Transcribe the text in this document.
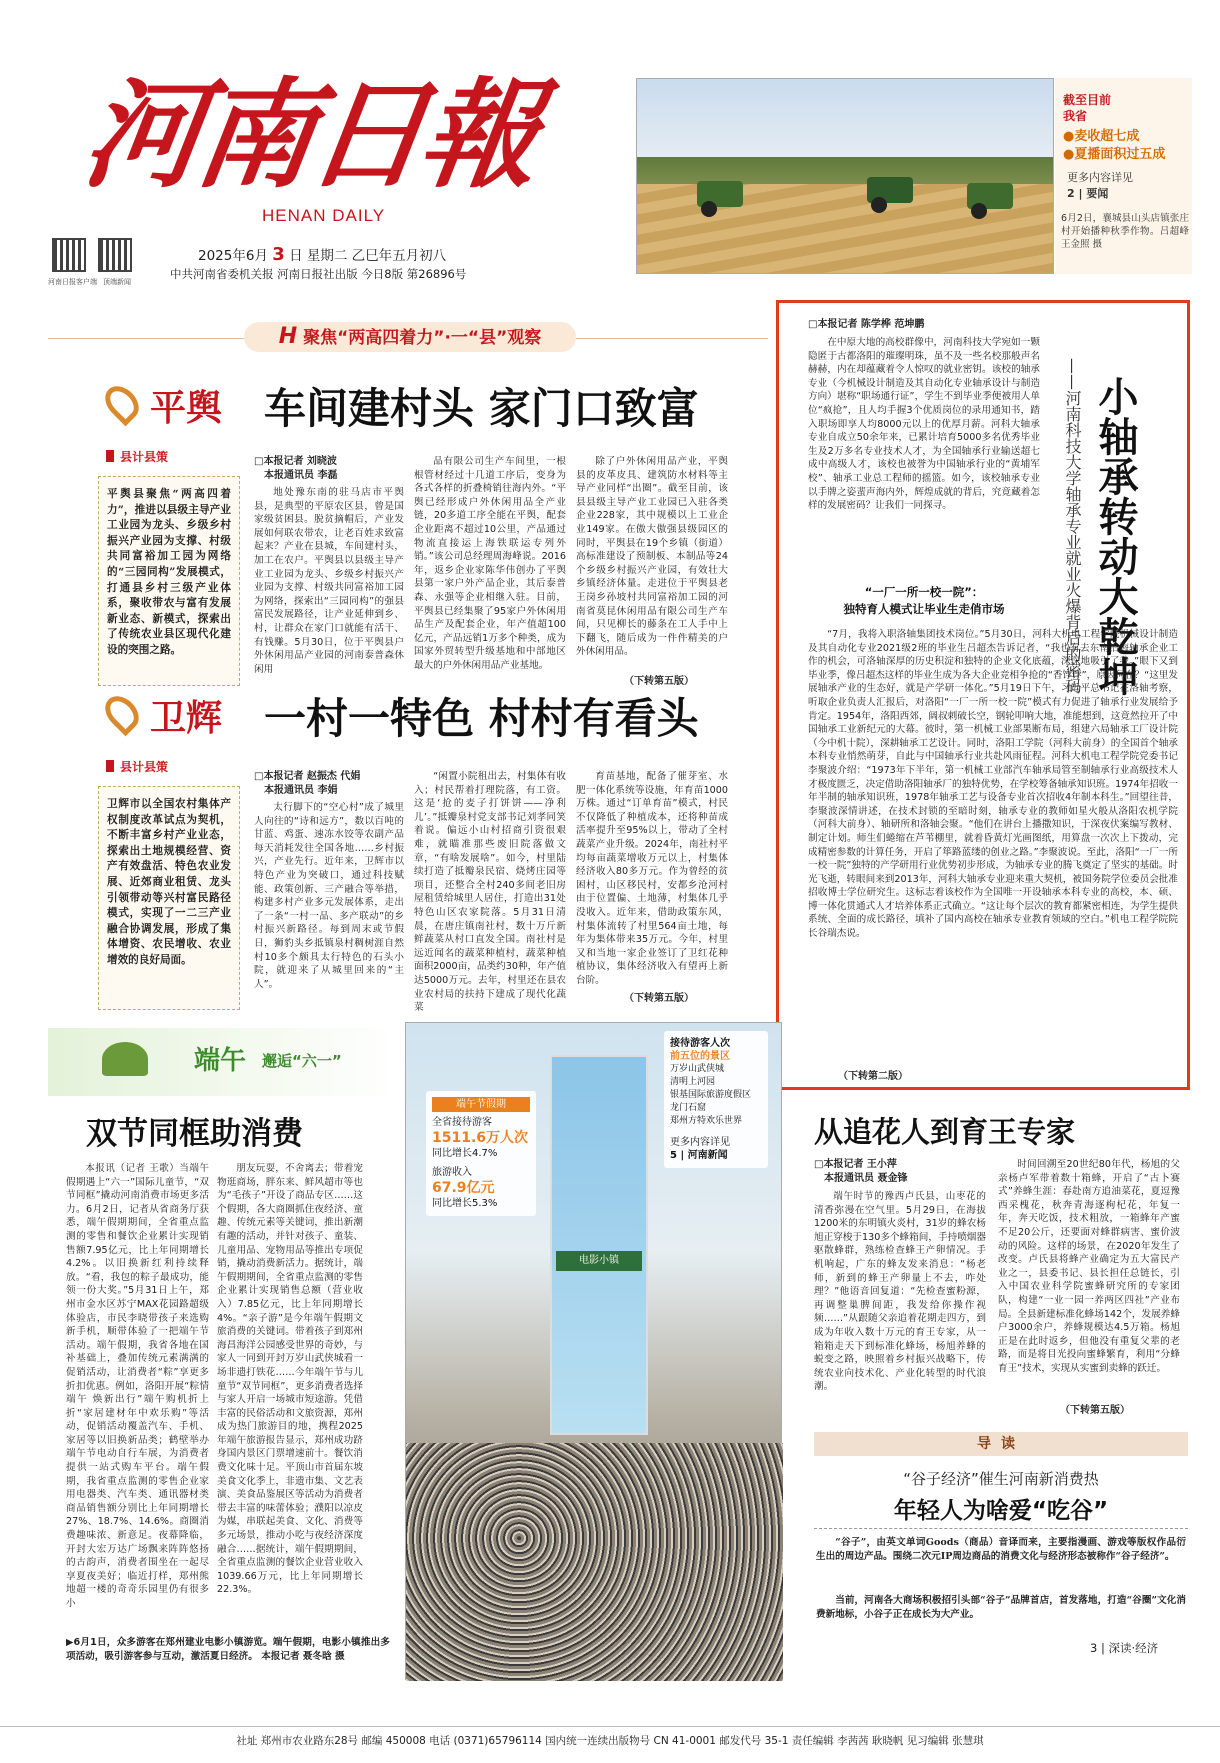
河南日報
HENAN DAILY
河南日报客户端 顶端新闻
2025年6月 3 日 星期二 乙巳年五月初八
中共河南省委机关报 河南日报社出版 今日8版 第26896号
截至目前
我省
●麦收超七成
●夏播面积过五成
更多内容详见
2 | 要闻
6月2日，襄城县山头店镇张庄村开始播种秋季作物。吕超峰 王金照 摄
H 聚焦“两高四着力”·一“县”观察
平舆 车间建村头 家门口致富
县计县策
平舆县聚焦“两高四着力”，推进以县级主导产业工业园为龙头、乡级乡村振兴产业园为支撑、村级共同富裕加工园为网络的“三园同构”发展模式，打通县乡村三级产业体系，聚收带农与富有发展新业态、新模式，探索出了传统农业县区现代化建设的突围之路。
□本报记者 刘晓波
本报通讯员 李磊

地处豫东南的驻马店市平舆县，是典型的平原农区县，曾是国家级贫困县。脱贫摘帽后，产业发展如何联农带农，让老百姓求致富起来？产业在县城，车间建村头，加工在农户。平舆县以县级主导产业工业园为龙头、乡级乡村振兴产业园为支撑、村级共同富裕加工园为网络，探索出“三园同构”的强县富民发展路径，让产业延伸到乡、村，让群众在家门口就能有活干、有钱赚。5月30日，位于平舆县户外休闲用品产业园的河南泰普森休闲用

品有限公司生产车间里，一根根管材经过十几道工序后，变身为各式各样的折叠椅销往海内外。“平舆已经形成户外休闲用品全产业链，20多道工序全能在平舆，配套企业距离不超过10公里，产品通过物流直接运上海铁联运专列外销。”该公司总经理周海峰说。2016年，返乡企业家陈华伟创办了平舆县第一家户外产品企业，其后泰普森、永强等企业相继入驻。目前，平舆县已经集聚了95家户外休闲用品生产及配套企业，年产值超100亿元，产品远销1万多个种类，成为国家外贸转型升级基地和中部地区最大的户外休闲用品产业基地。

除了户外休闲用品产业，平舆县的皮革皮具、建筑防水材料等主导产业同样“出圈”。截至目前，该县县级主导产业工业园已入驻各类企业228家，其中规模以上工业企业149家。在傲大傲强县级园区的同时，平舆县在19个乡镇（街道）高标准建设了预制板、本制品等24个乡级乡村振兴产业园，有效壮大乡镇经济体量。走进位于平舆县老王岗乡孙坡村共同富裕加工园的河南省莫昆休闲用品有限公司生产车间，只见柳长的藤条在工人手中上下翻飞，随后成为一件件精美的户外休闲用品。

（下转第五版）
卫辉 一村一特色 村村有看头
县计县策
卫辉市以全国农村集体产权制度改革试点为契机，不断丰富乡村产业业态，探索出土地规模经营、资产有效盘活、特色农业发展、近郊商业租赁、龙头引领带动等兴村富民路径模式，实现了一二三产业融合协调发展，形成了集体增资、农民增收、农业增效的良好局面。
□本报记者 赵振杰 代娟
本报通讯员 李娟

太行脚下的“空心村”成了城里人向往的“诗和远方”，数以百吨的甘蓝、鸡蛋、速冻水饺等农副产品每天消耗发往全国各地……乡村振兴，产业先行。近年来，卫辉市以特色产业为突破口，通过科技赋能、政策创新、三产融合等举措，构建多村产业多元发展体系，走出了一条“一村一品、多产联动”的乡村振兴新路径。每到周末或节假日，狮豹头乡抵镇泉村稠树涯自然村10多个颇具太行特色的石头小院，就迎来了从城里回来的“主人”。

“闲置小院租出去，村集体有收入；村民帮着打理院落，有工资。这是‘抢的麦子打饼饼——净利儿’。”抵瓣泉村党支部书记刘孝同笑着说。偏远小山村招商引资很艰难，就瞄准那些废旧院落做文章，“有啥发展啥”。如今，村里陆续打造了抵瓣泉民宿、烧烤庄园等项目，还整合全村240多间老旧房屋租赁给城里人居住，打造出31处特色山区农家院落。5月31日清晨，在唐庄镇南社村，数十万斤新鲜蔬菜从村口直发全国。南社村是远近闻名的蔬菜种植村，蔬菜种植面积2000亩，品类约30种，年产值达5000万元。去年，村里还在县农业农村局的扶持下建成了现代化蔬菜

育苗基地，配备了催芽室、水肥一体化系统等设施，年育苗1000万株。通过“订单育苗”模式，村民不仅降低了种植成本，还将种苗成活率提升至95%以上，带动了全村蔬菜产业升级。2024年，南社村平均每亩蔬菜增收万元以上，村集体经济收入80多万元。作为曾经的贫困村，山区移民村，安都乡沧河村由于位置偏、土地薄，村集体几乎没收入。近年来，借助政策东风，村集体流转了村里564亩土地，每年为集体带来35万元。今年，村里又和当地一家企业签订了卫红花种植协议，集体经济收入有望再上新台阶。

（下转第五版）
□本报记者 陈学桦 范坤鹏

在中原大地的高校群像中，河南科技大学宛如一颗隐匿于古都洛阳的璀璨明珠，虽不及一些名校那般声名赫赫，内在却蕴藏着令人惊叹的就业密钥。该校的轴承专业（今机械设计制造及其自动化专业轴承设计与制造方向）堪称“职场通行证”，学生不到毕业季便被用人单位“疯抢”，且人均手握3个优质岗位的录用通知书，踏入职场即享人均8000元以上的优厚月薪。河科大轴承专业自成立50余年来，已累计培育5000多名优秀毕业生及2万多名专业技术人才，为全国轴承行业输送超七成中高级人才，该校也被誉为中国轴承行业的“黄埔军校”、轴承工业总工程师的摇篮。如今，该校轴承专业以手牌之姿蜚声海内外，辉煌成就的背后，究竟藏着怎样的发展密码？让我们一同探寻。	小轴承转动大乾坤
——河南科技大学轴承专业就业火爆背后的密码
“一厂一所一校一院”：
独特育人模式让毕业生走俏市场

“7月，我将入职洛轴集团技术岗位。”5月30日，河科大机电工程学院机械设计制造及其自动化专业2021级2班的毕业生吕超杰告诉记者，“我也有去东南沿海轴承企业工作的机会，可洛轴深厚的历史积淀和独特的企业文化底蕴，深深地吸引了我。”眼下又到毕业季，像吕超杰这样的毕业生成为各大企业竞相争抢的“香饽饽”，原因何在？“这里发展轴承产业的生态好，就是产学研一体化。”5月19日下午，习近平总书记在洛轴考察，听取企业负责人汇报后，对洛阳“一厂一所一校一院”模式有力促进了轴承行业发展给予肯定。1954年，洛阳西郊，阔叔刺破长空，钢轮叩响大地，准能想到，这竟然拉开了中国轴承工业新纪元的大幕。彼时，第一机械工业部果断布局，组建六局轴承工厂设计院（今中机十院），深耕轴承工艺设计。同时，洛阳工学院（河科大前身）的全国首个轴承本科专业悄然萌芽，自此与中国轴承行业共赴风雨征程。河科大机电工程学院党委书记李聚波介绍：“1973年下半年，第一机械工业部汽车轴承局管至制轴承行业高级技术人才极度匮乏，决定借助洛阳轴承厂的独特优势，在学校筹备轴承知识班。1974年招收一年半制的轴承知识班，1978年轴承工艺与设备专业首次招收4年制本科生。”回望往昔，李聚波深情讲述，在技术封锁的至暗时刻，轴承专业的教师如星火般从洛阳农机学院（河科大前身）、轴研所和洛轴会聚。“他们在讲台上播撒知识，于深夜伏案编写教材、制定计划。师生们蜷缩在芦苇棚里，就着昏黄灯光画图纸，用算盘一次次上下拨动，完成精密参数的计算任务，开启了筚路蓝缕的创业之路。”李聚波说。至此，洛阳“一厂一所一校一院”独特的产学研用行业优势初步形成，为轴承专业的腾飞奠定了坚实的基础。时光飞逝，转眼间来到2013年，河科大轴承专业迎来重大契机，被国务院学位委员会批准招收博士学位研究生。这标志着该校作为全国唯一开设轴承本科专业的高校，本、硕、博一体化贯通式人才培养体系正式确立。“这让每个层次的教育都紧密相连，为学生提供系统、全面的成长路径，填补了国内高校在轴承专业教育领域的空白。”机电工程学院院长谷瑞杰说。

（下转第二版）
端午 邂逅“六一”
双节同框助消费

本报讯（记者 王歌）当端午假期遇上“六一”国际儿童节，“双节同框”撬动河南消费市场更多活力。6月2日，记者从省商务厅获悉，端午假期期间，全省重点监测的零售和餐饮企业累计实现销售额7.95亿元，比上年同期增长4.2%。以旧换新红利持续释放。“看，我包的粽子最成功，能领一份大奖。”5月31日上午，郑州市金水区苏宁MAX花园路超级体验店，市民李晓带孩子来选购新手机，顺带体验了一把端午节活动。端午假期，我省各地在国补基础上，叠加传统元素满满的促销活动，让消费者“粽”享更多折扣优惠。例如，洛阳开展“粽情端午 焕新出行”端午购机折上折“家居建材年中欢乐购”等活动，促销活动覆盖汽车、手机、家居等以旧换新品类；鹤壁举办端午节电动自行车展，为消费者提供一站式购车平台。端午假期，我省重点监测的零售企业家用电器类、汽车类、通讯器材类商品销售额分别比上年同期增长27%、18.7%、14.6%。商圈消费趣味浓、新意足。夜幕降临，开封大宏万达广场飘来阵阵悠扬的古韵声，消费者围坐在一起尽享夏夜美好；临近打样，郑州熊地超一楼的奇奇乐园里仍有很多小

朋友玩耍，不舍离去；带着宠物逛商场，胖东来、鲜风超市等也为“毛孩子”开设了商品专区……这个假期，各大商圈抓住夜经济、童趣、传统元素等关键词，推出新潮有趣的活动，并针对孩子、童装、儿童用品、宠物用品等推出专项促销，撬动消费新活力。据统计，端午假期期间，全省重点监测的零售企业累计实现销售总额（营业收入）7.85亿元，比上年同期增长4%。“亲子游”是今年端午假期文旅消费的关键词。带着孩子到郑州海昌海洋公园感受世界的奇妙，与家人一同到开封万岁山武侠城看一场非遗打铁花……今年端午节与儿童节“双节同框”，更多消费者选择与家人开启一场城市短途游。凭借丰富的民俗活动和文旅资源，郑州成为热门旅游目的地，携程2025年端午旅游报告显示，郑州成功跻身国内景区门票增速前十。餐饮消费文化味十足。平顶山市首届东坡美食文化季上，非遗市集、文艺表演、美食品鉴展区等活动为消费者带去丰富的味蕾体验；濮阳以凉皮为媒，串联起美食、文化、消费等多元场景，推动小吃与夜经济深度融合……据统计，端午假期期间，全省重点监测的餐饮企业营业收入1039.66万元，比上年同期增长22.3%。

▶6月1日，众多游客在郑州建业电影小镇游览。端午假期，电影小镇推出多项活动，吸引游客参与互动，激活夏日经济。 本报记者 聂冬晗 摄
电影小镇
端午节假期
全省接待游客
1511.6万人次
同比增长4.7%
旅游收入
67.9亿元
同比增长5.3%
接待游客人次
前五位的景区
万岁山武侠城
清明上河园
银基国际旅游度假区
龙门石窟
郑州方特欢乐世界
更多内容详见
5 | 河南新闻
从追花人到育王专家
□本报记者 王小萍
本报通讯员 聂金锋

端午时节的豫西卢氏县，山枣花的清香弥漫在空气里。5月29日，在海拔1200米的东明镇火炎村，31岁的蜂农杨旭正穿梭于130多个蜂箱间，手持喷烟器驱散蜂群，熟练检查蜂王产卵情况。手机响起，广东的蜂友发来消息：“杨老师，新到的蜂王产卵量上不去，咋处理？”他语音回复道：“先检查蜜粉源，再调整巢脾间距，我发给你操作视频……”从跟随父亲追着花期走四方，到成为年收入数十万元的育王专家，从一箱箱走天下到标准化蜂场，杨旭养蜂的蜕变之路，映照着乡村振兴战略下，传统农业向技术化、产业化转型的时代浪潮。

时间回溯至20世纪80年代，杨旭的父亲杨卢军带着数十箱蜂，开启了“古卜赛式”养蜂生涯：春赴南方追油菜花，夏逗豫西采槐花，秋奔青海逐枸杞花，年复一年，奔天吃饭，技术粗放，一箱蜂年产蜜不足20公斤，还要面对蜂群病害、蜜价波动的风险。这样的场景，在2020年发生了改变。卢氏县将蜂产业确定为五大富民产业之一，县委书记、县长担任总链长，引入中国农业科学院蜜蜂研究所的专家团队，构建“一业一园一养两区四社”产业布局。全县新建标准化蜂场142个，发展养蜂户3000余户，养蜂规模达4.5万箱。杨旭正是在此时返乡，但他没有重复父辈的老路，而是将目光投向蜜蜂繁育，利用“分蜂育王”技术，实现从实蜜到卖蜂的跃迁。

（下转第五版）
导读
“谷子经济”催生河南新消费热
年轻人为啥爱“吃谷”

“谷子”，由英文单词Goods（商品）音译而来，主要指漫画、游戏等版权作品衍生出的周边产品。围绕二次元IP周边商品的消费文化与经济形态被称作“谷子经济”。

当前，河南各大商场积极招引头部“谷子”品牌首店，首发落地，打造“谷圈”文化消费新地标，小谷子正在成长为大产业。

3 | 深读·经济
社址 郑州市农业路东28号 邮编 450008 电话 (0371)65796114 国内统一连续出版物号 CN 41-0001 邮发代号 35-1 责任编辑 李茜茜 耿晓帆 见习编辑 张慧琪
